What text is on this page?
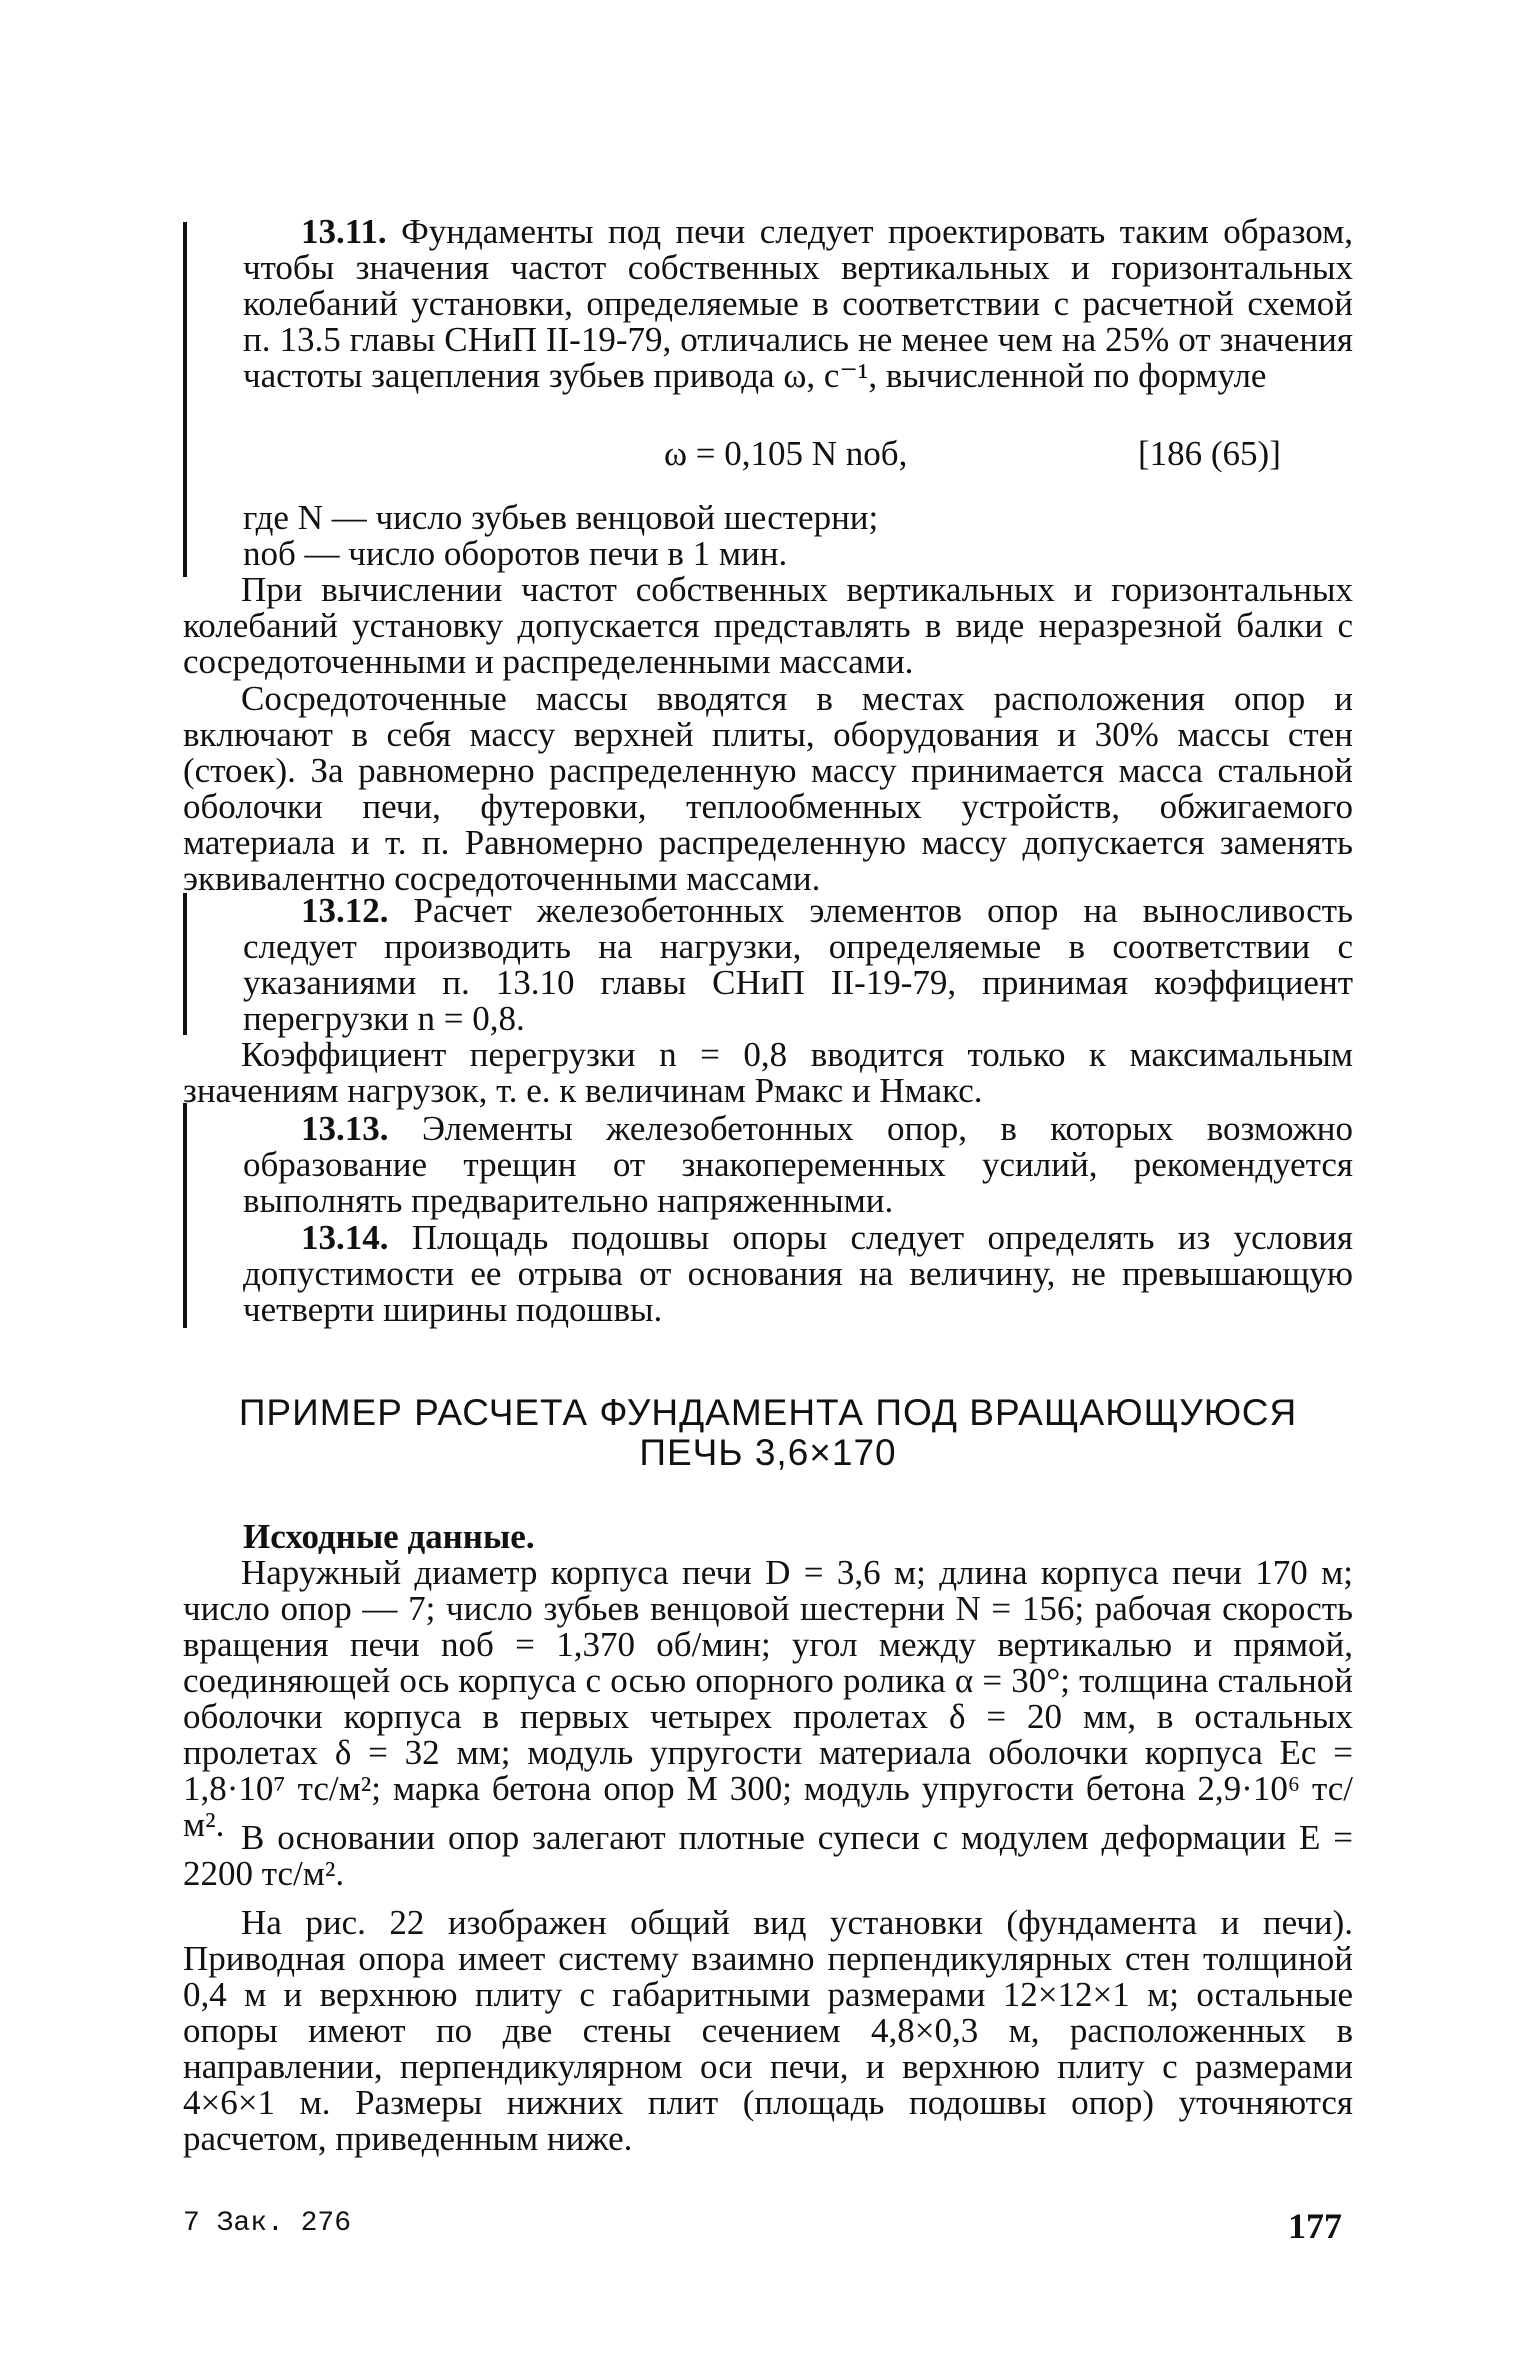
13.11. Фундаменты под печи следует проектировать таким образом, чтобы значения частот собственных вертикальных и горизонтальных колебаний установки, определяемые в соответствии с расчетной схемой п. 13.5 главы СНиП II-19-79, отличались не менее чем на 25% от значения частоты зацепления зубьев привода ω, с⁻¹, вычисленной по формуле
ω = 0,105 N nоб,	[186 (65)]
где N — число зубьев венцовой шестерни;
nоб — число оборотов печи в 1 мин.
При вычислении частот собственных вертикальных и горизонтальных колебаний установку допускается представлять в виде неразрезной балки с сосредоточенными и распределенными массами.
Сосредоточенные массы вводятся в местах расположения опор и включают в себя массу верхней плиты, оборудования и 30% массы стен (стоек). За равномерно распределенную массу принимается масса стальной оболочки печи, футеровки, теплообменных устройств, обжигаемого материала и т. п. Равномерно распределенную массу допускается заменять эквивалентно сосредоточенными массами.
13.12. Расчет железобетонных элементов опор на выносливость следует производить на нагрузки, определяемые в соответствии с указаниями п. 13.10 главы СНиП II-19-79, принимая коэффициент перегрузки n = 0,8.
Коэффициент перегрузки n = 0,8 вводится только к максимальным значениям нагрузок, т. е. к величинам Pмакс и Hмакс.
13.13. Элементы железобетонных опор, в которых возможно образование трещин от знакопеременных усилий, рекомендуется выполнять предварительно напряженными.
13.14. Площадь подошвы опоры следует определять из условия допустимости ее отрыва от основания на величину, не превышающую четверти ширины подошвы.
ПРИМЕР РАСЧЕТА ФУНДАМЕНТА ПОД ВРАЩАЮЩУЮСЯ
ПЕЧЬ 3,6×170
Исходные данные.
Наружный диаметр корпуса печи D = 3,6 м; длина корпуса печи 170 м; число опор — 7; число зубьев венцовой шестерни N = 156; рабочая скорость вращения печи nоб = 1,370 об/мин; угол между вертикалью и прямой, соединяющей ось корпуса с осью опорного ролика α = 30°; толщина стальной оболочки корпуса в первых четырех пролетах δ = 20 мм, в остальных пролетах δ = 32 мм; модуль упругости материала оболочки корпуса Eс = 1,8·10⁷ тс/м²; марка бетона опор М 300; модуль упругости бетона 2,9·10⁶ тс/м². В основании опор залегают плотные супеси с модулем деформации E = 2200 тс/м².
На рис. 22 изображен общий вид установки (фундамента и печи). Приводная опора имеет систему взаимно перпендикулярных стен толщиной 0,4 м и верхнюю плиту с габаритными размерами 12×12×1 м; остальные опоры имеют по две стены сечением 4,8×0,3 м, расположенных в направлении, перпендикулярном оси печи, и верхнюю плиту с размерами 4×6×1 м. Размеры нижних плит (площадь подошвы опор) уточняются расчетом, приведенным ниже.
7 Зак. 276	177
